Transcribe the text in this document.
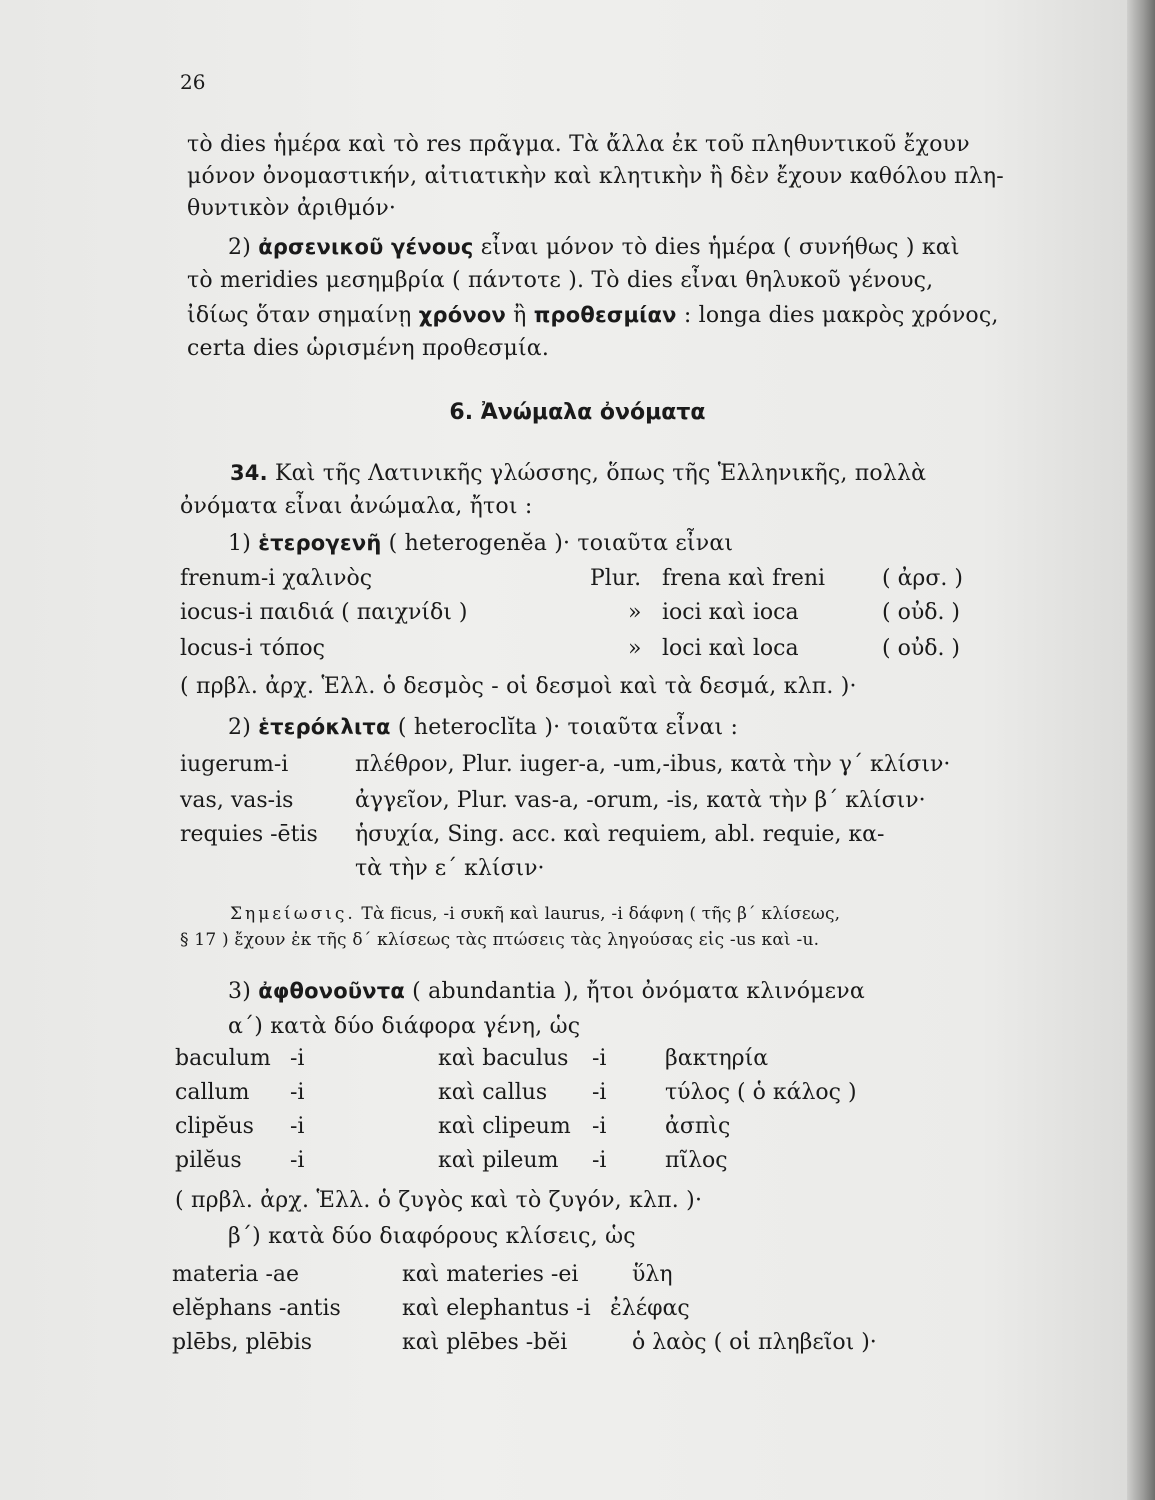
26
τὸ dies ἡμέρα καὶ τὸ res πρᾶγμα. Τὰ ἄλλα ἐκ τοῦ πληθυντικοῦ ἔχουν
μόνον ὀνομαστικήν, αἰτιατικὴν καὶ κλητικὴν ἢ δὲν ἔχουν καθόλου πλη-
θυντικὸν ἀριθμόν·
2) ἀρσενικοῦ γένους εἶναι μόνον τὸ dies ἡμέρα ( συνήθως ) καὶ
τὸ meridies μεσημβρία ( πάντοτε ). Τὸ dies εἶναι θηλυκοῦ γένους,
ἰδίως ὅταν σημαίνῃ χρόνον ἢ προθεσμίαν : longa dies μακρὸς χρόνος,
certa dies ὡρισμένη προθεσμία.
6. Ἀνώμαλα ὀνόματα
34. Καὶ τῆς Λατινικῆς γλώσσης, ὅπως τῆς Ἑλληνικῆς, πολλὰ
ὀνόματα εἶναι ἀνώμαλα, ἤτοι :
1) ἑτερογενῆ ( heterogenĕa )· τοιαῦτα εἶναι
frenum-i χαλινὸς	Plur. frena καὶ freni	( ἀρσ. )
iocus-i παιδιά ( παιχνίδι )	» ioci καὶ ioca	( οὐδ. )
locus-i τόπος	» loci καὶ loca	( οὐδ. )
( πρβλ. ἀρχ. Ἑλλ. ὁ δεσμὸς - οἱ δεσμοὶ καὶ τὰ δεσμά, κλπ. )·
2) ἑτερόκλιτα ( heteroclĭta )· τοιαῦτα εἶναι :
iugerum-i	πλέθρον, Plur. iuger-a, -um,-ibus, κατὰ τὴν γ΄ κλίσιν·
vas, vas-is	ἀγγεῖον, Plur. vas-a, -orum, -is, κατὰ τὴν β΄ κλίσιν·
requies -ētis ἡσυχία, Sing. acc. καὶ requiem, abl. requie, κα-
τὰ τὴν ε΄ κλίσιν·
Σημείωσις. Τὰ ficus, -i συκῆ καὶ laurus, -i δάφνη ( τῆς β΄ κλίσεως,
§ 17 ) ἔχουν ἐκ τῆς δ΄ κλίσεως τὰς πτώσεις τὰς ληγούσας εἰς -us καὶ -u.
3) ἀφθονοῦντα ( abundantia ), ἤτοι ὀνόματα κλινόμενα
α΄) κατὰ δύο διάφορα γένη, ὡς
baculum -i	καὶ baculus -i	βακτηρία
callum -i	καὶ callus -i	τύλος ( ὁ κάλος )
clipĕus -i	καὶ clipeum -i	ἀσπὶς
pilĕus -i	καὶ pileum -i	πῖλος
( πρβλ. ἀρχ. Ἑλλ. ὁ ζυγὸς καὶ τὸ ζυγόν, κλπ. )·
β΄) κατὰ δύο διαφόρους κλίσεις, ὡς
materia -ae	καὶ materies -ei ὕλη
elĕphans -antis	καὶ elephantus -i ἐλέφας
plēbs, plēbis	καὶ plēbes -bĕi	ὁ λαὸς ( οἱ πληβεῖοι )·
